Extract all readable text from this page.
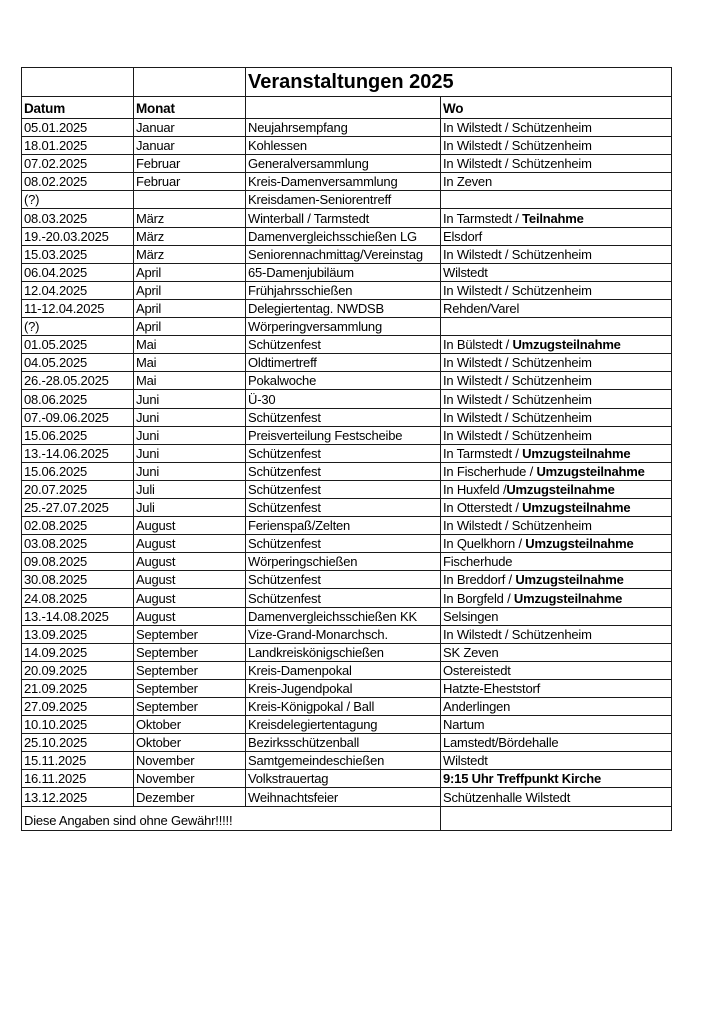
		Veranstaltungen 2025	
Datum	Monat		Wo
05.01.2025	Januar	Neujahrsempfang	In Wilstedt / Schützenheim
18.01.2025	Januar	Kohlessen	In Wilstedt / Schützenheim
07.02.2025	Februar	Generalversammlung	In Wilstedt / Schützenheim
08.02.2025	Februar	Kreis-Damenversammlung	In Zeven
(?)		Kreisdamen-Seniorentreff	
08.03.2025	März	Winterball / Tarmstedt	In Tarmstedt / Teilnahme
19.-20.03.2025	März	Damenvergleichsschießen LG	Elsdorf
15.03.2025	März	Seniorennachmittag/Vereinstag	In Wilstedt / Schützenheim
06.04.2025	April	65-Damenjubiläum	Wilstedt
12.04.2025	April	Frühjahrsschießen	In Wilstedt / Schützenheim
11-12.04.2025	April	Delegiertentag. NWDSB	Rehden/Varel
(?)	April	Wörperingversammlung	
01.05.2025	Mai	Schützenfest	In Bülstedt / Umzugsteilnahme
04.05.2025	Mai	Oldtimertreff	In Wilstedt / Schützenheim
26.-28.05.2025	Mai	Pokalwoche	In Wilstedt / Schützenheim
08.06.2025	Juni	Ü-30	In Wilstedt / Schützenheim
07.-09.06.2025	Juni	Schützenfest	In Wilstedt / Schützenheim
15.06.2025	Juni	Preisverteilung Festscheibe	In Wilstedt / Schützenheim
13.-14.06.2025	Juni	Schützenfest	In Tarmstedt / Umzugsteilnahme
15.06.2025	Juni	Schützenfest	In Fischerhude / Umzugsteilnahme
20.07.2025	Juli	Schützenfest	In Huxfeld /Umzugsteilnahme
25.-27.07.2025	Juli	Schützenfest	In Otterstedt / Umzugsteilnahme
02.08.2025	August	Ferienspaß/Zelten	In Wilstedt / Schützenheim
03.08.2025	August	Schützenfest	In Quelkhorn / Umzugsteilnahme
09.08.2025	August	Wörperingschießen	Fischerhude
30.08.2025	August	Schützenfest	In Breddorf / Umzugsteilnahme
24.08.2025	August	Schützenfest	In Borgfeld / Umzugsteilnahme
13.-14.08.2025	August	Damenvergleichsschießen KK	Selsingen
13.09.2025	September	Vize-Grand-Monarchsch.	In Wilstedt / Schützenheim
14.09.2025	September	Landkreiskönigschießen	SK Zeven
20.09.2025	September	Kreis-Damenpokal	Ostereistedt
21.09.2025	September	Kreis-Jugendpokal	Hatzte-Eheststorf
27.09.2025	September	Kreis-Königpokal / Ball	Anderlingen
10.10.2025	Oktober	Kreisdelegiertentagung	Nartum
25.10.2025	Oktober	Bezirksschützenball	Lamstedt/Bördehalle
15.11.2025	November	Samtgemeindeschießen	Wilstedt
16.11.2025	November	Volkstrauertag	9:15 Uhr Treffpunkt Kirche
13.12.2025	Dezember	Weihnachtsfeier	Schützenhalle Wilstedt
Diese Angaben sind ohne Gewähr!!!!!			
